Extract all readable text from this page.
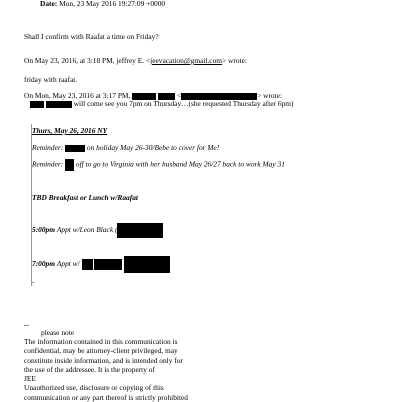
Date: Mon, 23 May 2016 19:27:09 +0000
Shall I confirm with Raafat a time on Friday?
On May 23, 2016, at 3:18 PM, jeffrey E. <jeevacation@gmail.com> wrote:
friday with raafat.
On Mon, May 23, 2016 at 3:17 PM,	<	> wrote:
will come see you 7pm on Thursday…(she requested Thursday after 6pm)
Thurs, May 26, 2016 NY
Reminder:	on holiday May 26-30/Bebe to cover for Me!
Reminder: off to go to Virginia with her husband May 26/27 back to work May 31
TBD Breakfast or Lunch w/Raafat
5:00pm Appt w/Leon Black (
7:00pm Appt w/
-
--
please note
The information contained in this communication is
confidential, may be attorney-client privileged, may
constitute inside information, and is intended only for
the use of the addressee. It is the property of
JEE
Unauthorized use, disclosure or copying of this
communication or any part thereof is strictly prohibited
